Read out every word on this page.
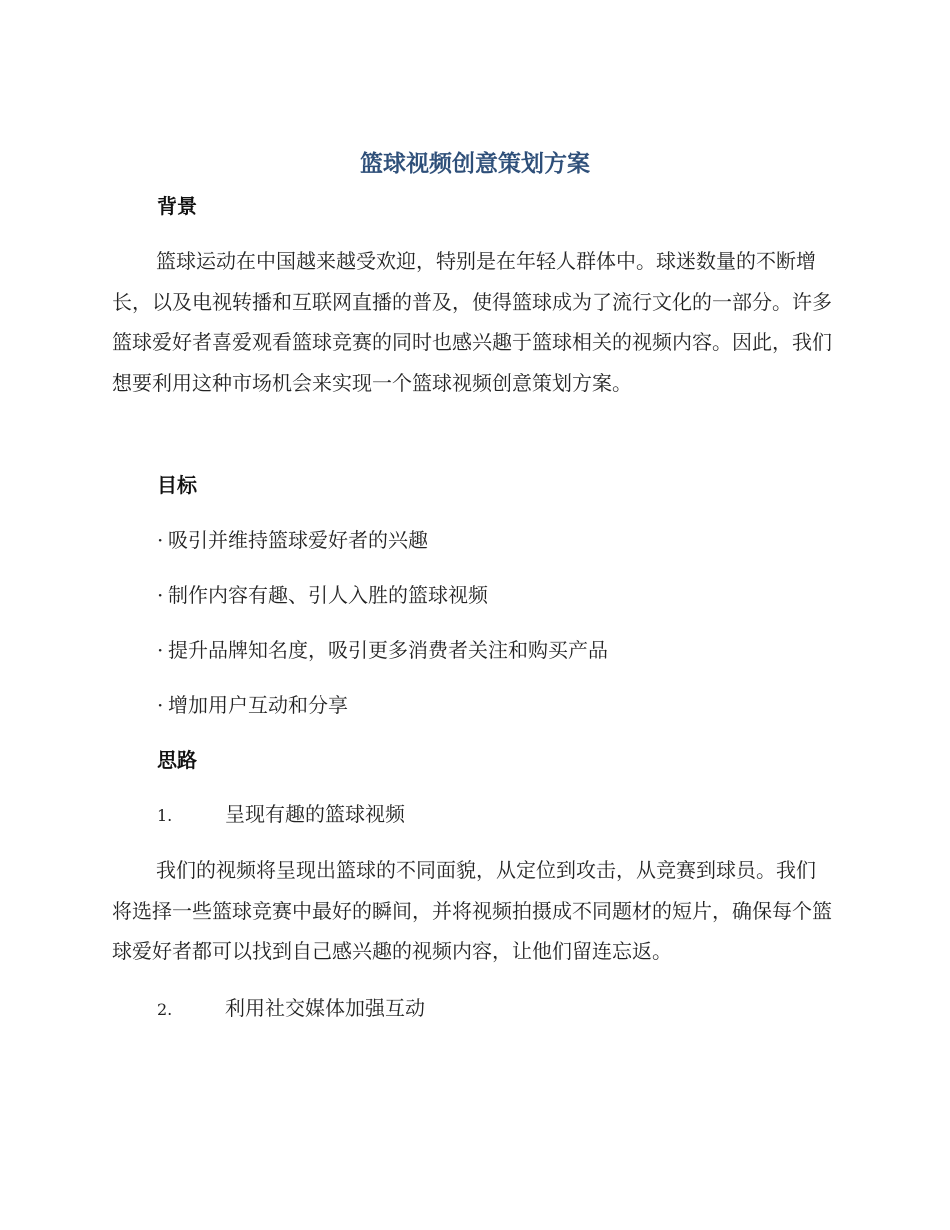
篮球视频创意策划方案
背景
篮球运动在中国越来越受欢迎，特别是在年轻人群体中。球迷数量的不断增长，以及电视转播和互联网直播的普及，使得篮球成为了流行文化的一部分。许多篮球爱好者喜爱观看篮球竞赛的同时也感兴趣于篮球相关的视频内容。因此，我们想要利用这种市场机会来实现一个篮球视频创意策划方案。
目标
· 吸引并维持篮球爱好者的兴趣
· 制作内容有趣、引人入胜的篮球视频
· 提升品牌知名度，吸引更多消费者关注和购买产品
· 增加用户互动和分享
思路
1.	呈现有趣的篮球视频
我们的视频将呈现出篮球的不同面貌，从定位到攻击，从竞赛到球员。我们将选择一些篮球竞赛中最好的瞬间，并将视频拍摄成不同题材的短片，确保每个篮球爱好者都可以找到自己感兴趣的视频内容，让他们留连忘返。
2.	利用社交媒体加强互动
